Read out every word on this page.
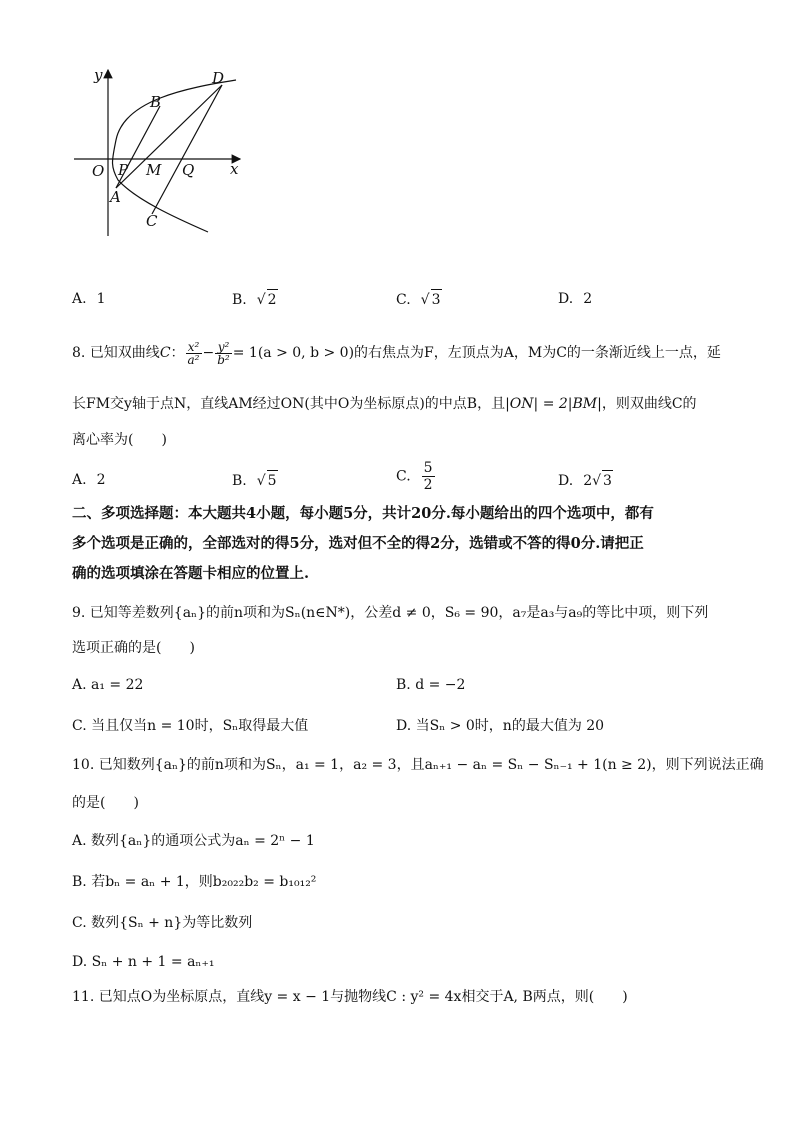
y
x
O P M Q
A
B
C
D
A. 1	B. √ 2	C. √ 3	D. 2
8. 已知双曲线C： $\frac{\text{x²}}{\text{a²}} - \frac{\text{y²}}{\text{b²}} = 1(a > 0$, b > 0)的右焦点为F，左顶点为A，M为C的一条渐近线上一点，延
长FM交y轴于点N，直线AM经过ON(其中O为坐标原点)的中点B，且|ON| = 2|BM|，则双曲线C的
离心率为(　　)
A. 2	B. √ 5	C. $\frac{5}{2}$	D. 2√ 3
二、多项选择题：本大题共4小题，每小题5分，共计20分.每小题给出的四个选项中，都有
多个选项是正确的，全部选对的得5分，选对但不全的得2分，选错或不答的得0分.请把正
确的选项填涂在答题卡相应的位置上.
9. 已知等差数列{aₙ}的前n项和为Sₙ(n∈N*)，公差d ≠ 0，S₆ = 90，a₇是a₃与a₉的等比中项，则下列
选项正确的是(　　)
A. a₁ = 22	B. d = −2
C. 当且仅当n = 10时，Sₙ取得最大值	D. 当Sₙ > 0时，n的最大值为 20
10. 已知数列{aₙ}的前n项和为Sₙ，a₁ = 1，a₂ = 3，且aₙ₊₁ − aₙ = Sₙ − Sₙ₋₁ + 1(n ≥ 2)，则下列说法正确
的是(　　)
A. 数列{aₙ}的通项公式为aₙ = 2ⁿ − 1
B. 若bₙ = aₙ + 1，则b₂₀₂₂b₂ = b₁₀₁₂²
C. 数列{Sₙ + n}为等比数列
D. Sₙ + n + 1 = aₙ₊₁
11. 已知点O为坐标原点，直线y = x − 1与抛物线C : y² = 4x相交于A, B两点，则(　　)
